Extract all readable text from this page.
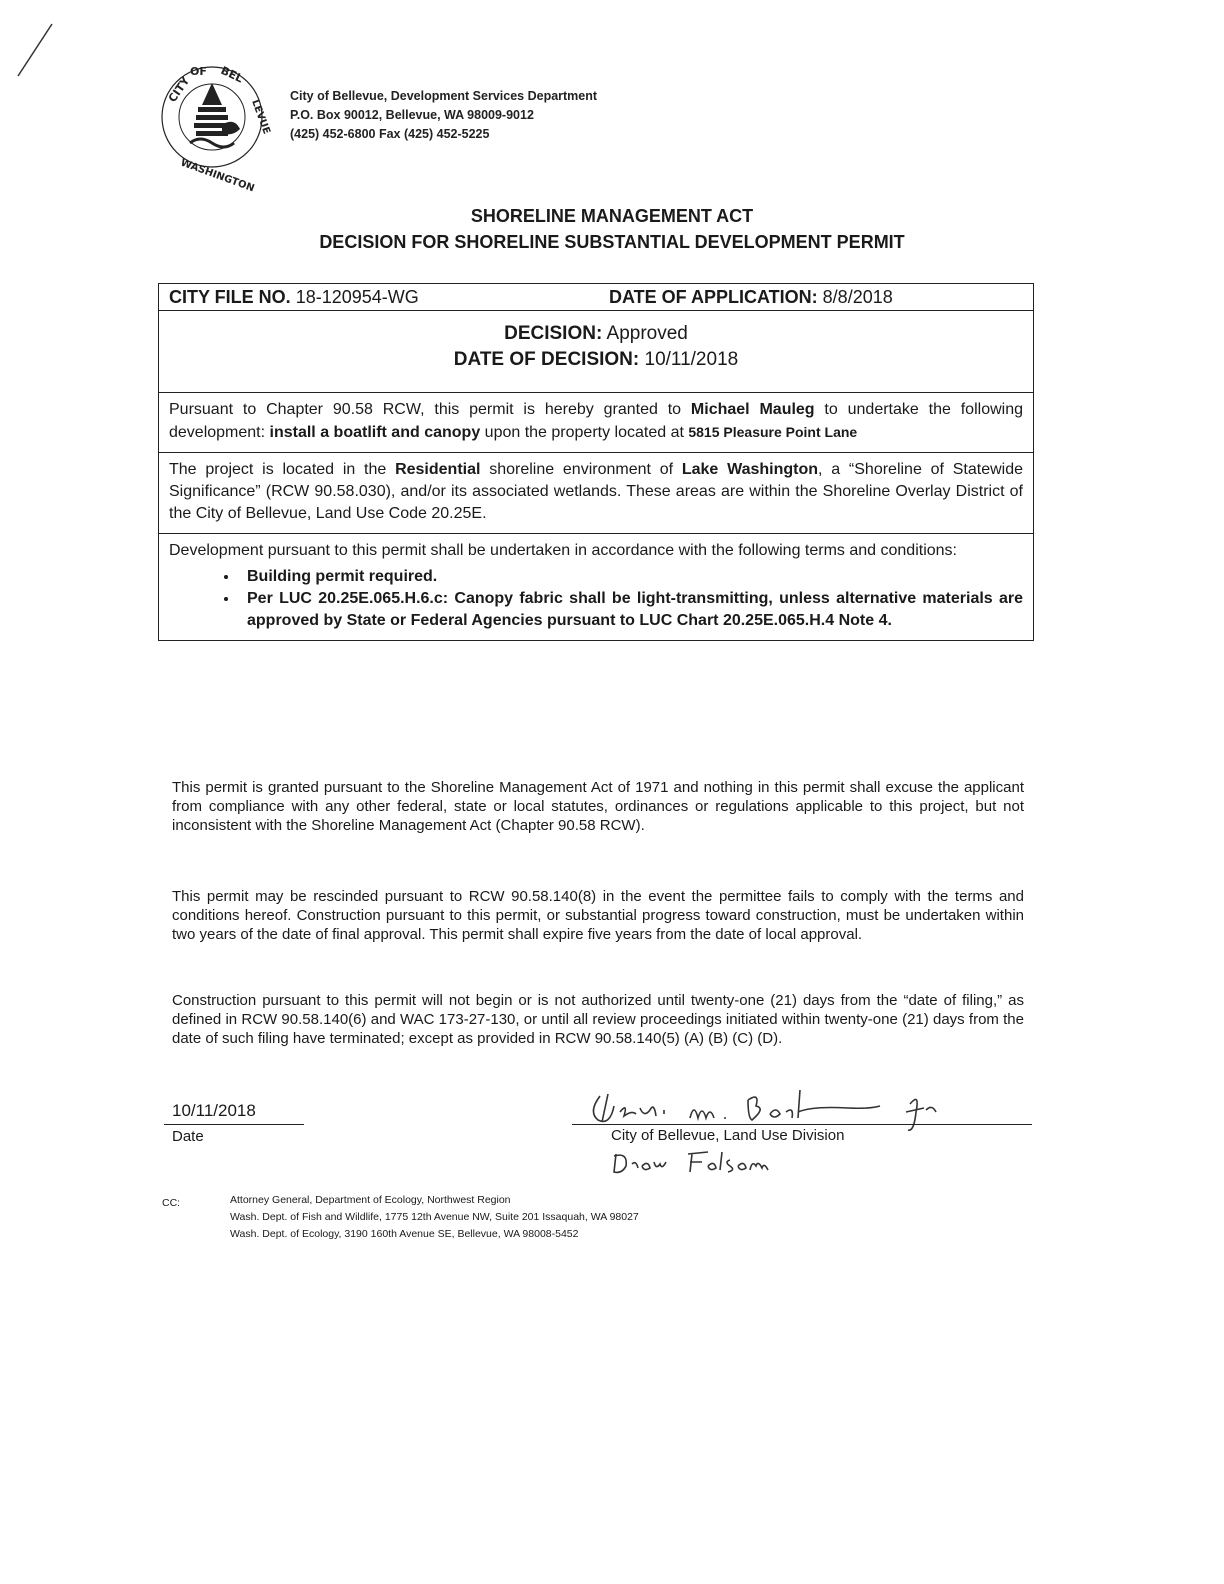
CITY
OF BEL
LEVUE
WASHINGTON
City of Bellevue, Development Services Department
P.O. Box 90012, Bellevue, WA 98009-9012
(425) 452-6800 Fax (425) 452-5225
SHORELINE MANAGEMENT ACT
DECISION FOR SHORELINE SUBSTANTIAL DEVELOPMENT PERMIT
CITY FILE NO. 18-120954-WG	DATE OF APPLICATION: 8/8/2018
DECISION: Approved
DATE OF DECISION: 10/11/2018
Pursuant to Chapter 90.58 RCW, this permit is hereby granted to Michael Mauleg to undertake the following development: install a boatlift and canopy upon the property located at 5815 Pleasure Point Lane
The project is located in the Residential shoreline environment of Lake Washington, a “Shoreline of Statewide Significance” (RCW 90.58.030), and/or its associated wetlands. These areas are within the Shoreline Overlay District of the City of Bellevue, Land Use Code 20.25E.
Development pursuant to this permit shall be undertaken in accordance with the following terms and conditions:
• Building permit required.
• Per LUC 20.25E.065.H.6.c: Canopy fabric shall be light-transmitting, unless alternative materials are approved by State or Federal Agencies pursuant to LUC Chart 20.25E.065.H.4 Note 4.
This permit is granted pursuant to the Shoreline Management Act of 1971 and nothing in this permit shall excuse the applicant from compliance with any other federal, state or local statutes, ordinances or regulations applicable to this project, but not inconsistent with the Shoreline Management Act (Chapter 90.58 RCW).
This permit may be rescinded pursuant to RCW 90.58.140(8) in the event the permittee fails to comply with the terms and conditions hereof. Construction pursuant to this permit, or substantial progress toward construction, must be undertaken within two years of the date of final approval. This permit shall expire five years from the date of local approval.
Construction pursuant to this permit will not begin or is not authorized until twenty-one (21) days from the “date of filing,” as defined in RCW 90.58.140(6) and WAC 173-27-130, or until all review proceedings initiated within twenty-one (21) days from the date of such filing have terminated; except as provided in RCW 90.58.140(5) (A) (B) (C) (D).
10/11/2018
Date	City of Bellevue, Land Use Division
CC:	Attorney General, Department of Ecology, Northwest Region
Wash. Dept. of Fish and Wildlife, 1775 12th Avenue NW, Suite 201 Issaquah, WA 98027
Wash. Dept. of Ecology, 3190 160th Avenue SE, Bellevue, WA 98008-5452
